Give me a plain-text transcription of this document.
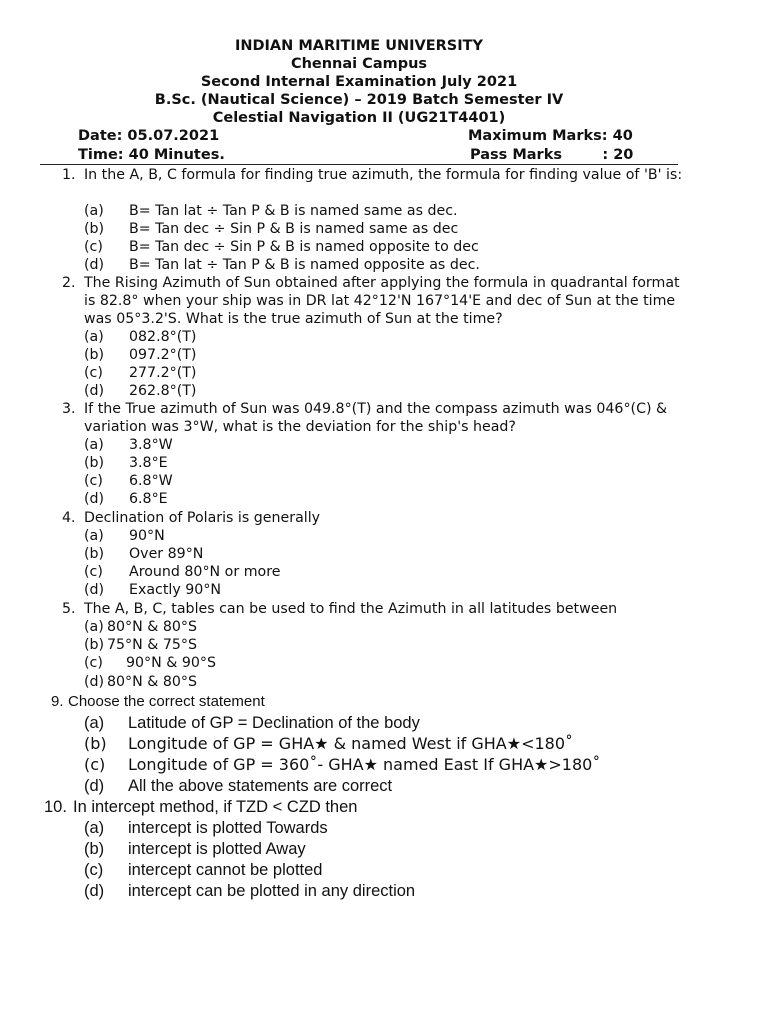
INDIAN MARITIME UNIVERSITY
Chennai Campus
Second Internal Examination July 2021
B.Sc. (Nautical Science) – 2019 Batch Semester IV
Celestial Navigation II (UG21T4401)
Date: 05.07.2021	Maximum Marks: 40
Time: 40 Minutes.	Pass Marks        : 20
1. In the A, B, C formula for finding true azimuth, the formula for finding value of 'B' is:
(a) B= Tan lat ÷ Tan P & B is named same as dec.
(b) B= Tan dec ÷ Sin P & B is named same as dec
(c) B= Tan dec ÷ Sin P & B is named opposite to dec
(d) B= Tan lat ÷ Tan P & B is named opposite as dec.
2. The Rising Azimuth of Sun obtained after applying the formula in quadrantal format is 82.8° when your ship was in DR lat 42°12'N 167°14'E and dec of Sun at the time was 05°3.2'S. What is the true azimuth of Sun at the time?
(a) 082.8°(T)
(b) 097.2°(T)
(c) 277.2°(T)
(d) 262.8°(T)
3. If the True azimuth of Sun was 049.8°(T) and the compass azimuth was 046°(C) & variation was 3°W, what is the deviation for the ship's head?
(a) 3.8°W
(b) 3.8°E
(c) 6.8°W
(d) 6.8°E
4. Declination of Polaris is generally
(a) 90°N
(b) Over 89°N
(c) Around 80°N or more
(d) Exactly 90°N
5. The A, B, C, tables can be used to find the Azimuth in all latitudes between
(a) 80°N & 80°S
(b) 75°N & 75°S
(c) 90°N & 90°S
(d) 80°N & 80°S
9. Choose the correct statement
(a) Latitude of GP = Declination of the body
(b) Longitude of GP = GHA★ & named West if GHA★<180˚
(c) Longitude of GP = 360˚- GHA★ named East If GHA★>180˚
(d) All the above statements are correct
10. In intercept method, if TZD < CZD then
(a) intercept is plotted Towards
(b) intercept is plotted Away
(c) intercept cannot be plotted
(d) intercept can be plotted in any direction
